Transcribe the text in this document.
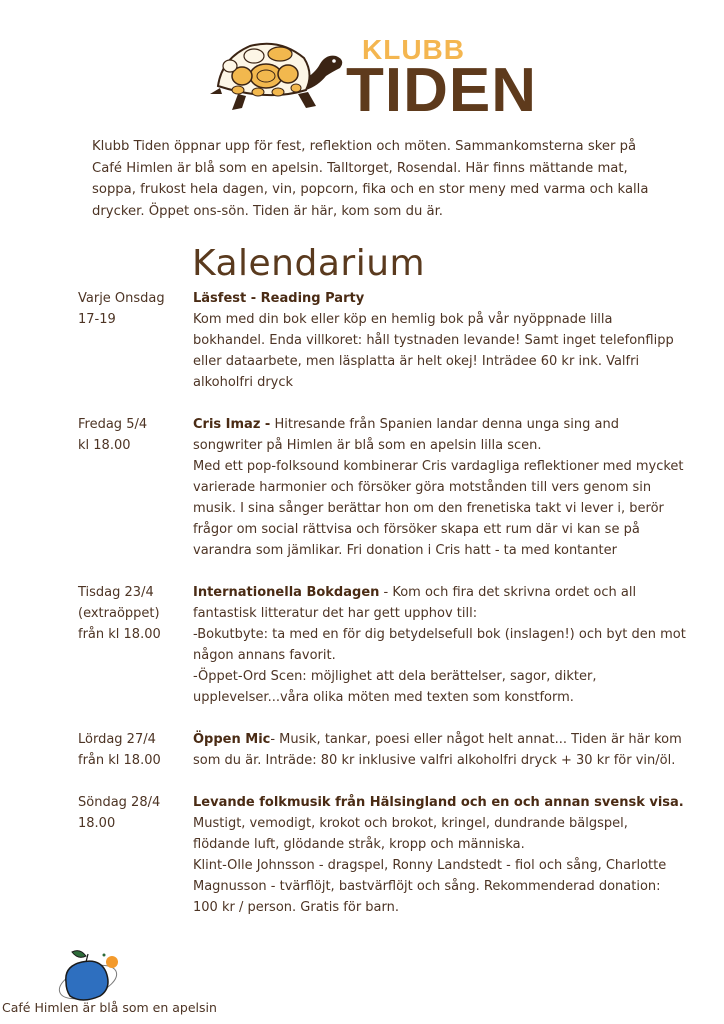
KLUBB
TIDEN

Klubb Tiden öppnar upp för fest, reflektion och möten. Sammankomsterna sker på Café Himlen är blå som en apelsin. Talltorget, Rosendal. Här finns mättande mat, soppa, frukost hela dagen, vin, popcorn, fika och en stor meny med varma och kalla drycker. Öppet ons-sön. Tiden är här, kom som du är.

Kalendarium
Varje Onsdag
17-19

Läsfest - Reading Party

Kom med din bok eller köp en hemlig bok på vår nyöppnade lilla bokhandel. Enda villkoret: håll tystnaden levande! Samt inget telefonflipp eller dataarbete, men läsplatta är helt okej! Inträdee 60 kr ink. Valfri alkoholfri dryck

Fredag 5/4
kl 18.00

Cris Imaz - Hitresande från Spanien landar denna unga sing and songwriter på Himlen är blå som en apelsin lilla scen.

Med ett pop-folksound kombinerar Cris vardagliga reflektioner med mycket varierade harmonier och försöker göra motstånden till vers genom sin musik. I sina sånger berättar hon om den frenetiska takt vi lever i, berör frågor om social rättvisa och försöker skapa ett rum där vi kan se på varandra som jämlikar. Fri donation i Cris hatt - ta med kontanter

Tisdag 23/4
(extraöppet)
från kl 18.00

Internationella Bokdagen - Kom och fira det skrivna ordet och all fantastisk litteratur det har gett upphov till:

-Bokutbyte: ta med en för dig betydelsefull bok (inslagen!) och byt den mot någon annans favorit.

-Öppet-Ord Scen: möjlighet att dela berättelser, sagor, dikter, upplevelser...våra olika möten med texten som konstform.

Lördag 27/4
från kl 18.00

Öppen Mic- Musik, tankar, poesi eller något helt annat... Tiden är här kom som du är. Inträde: 80 kr inklusive valfri alkoholfri dryck + 30 kr för vin/öl.

Söndag 28/4
18.00

Levande folkmusik från Hälsingland och en och annan svensk visa.

Mustigt, vemodigt, krokot och brokot, kringel, dundrande bälgspel, flödande luft, glödande stråk, kropp och människa.

Klint-Olle Johnsson - dragspel, Ronny Landstedt - fiol och sång, Charlotte Magnusson - tvärflöjt, bastvärflöjt och sång. Rekommenderad donation: 100 kr / person. Gratis för barn.

Café Himlen är blå som en apelsin
